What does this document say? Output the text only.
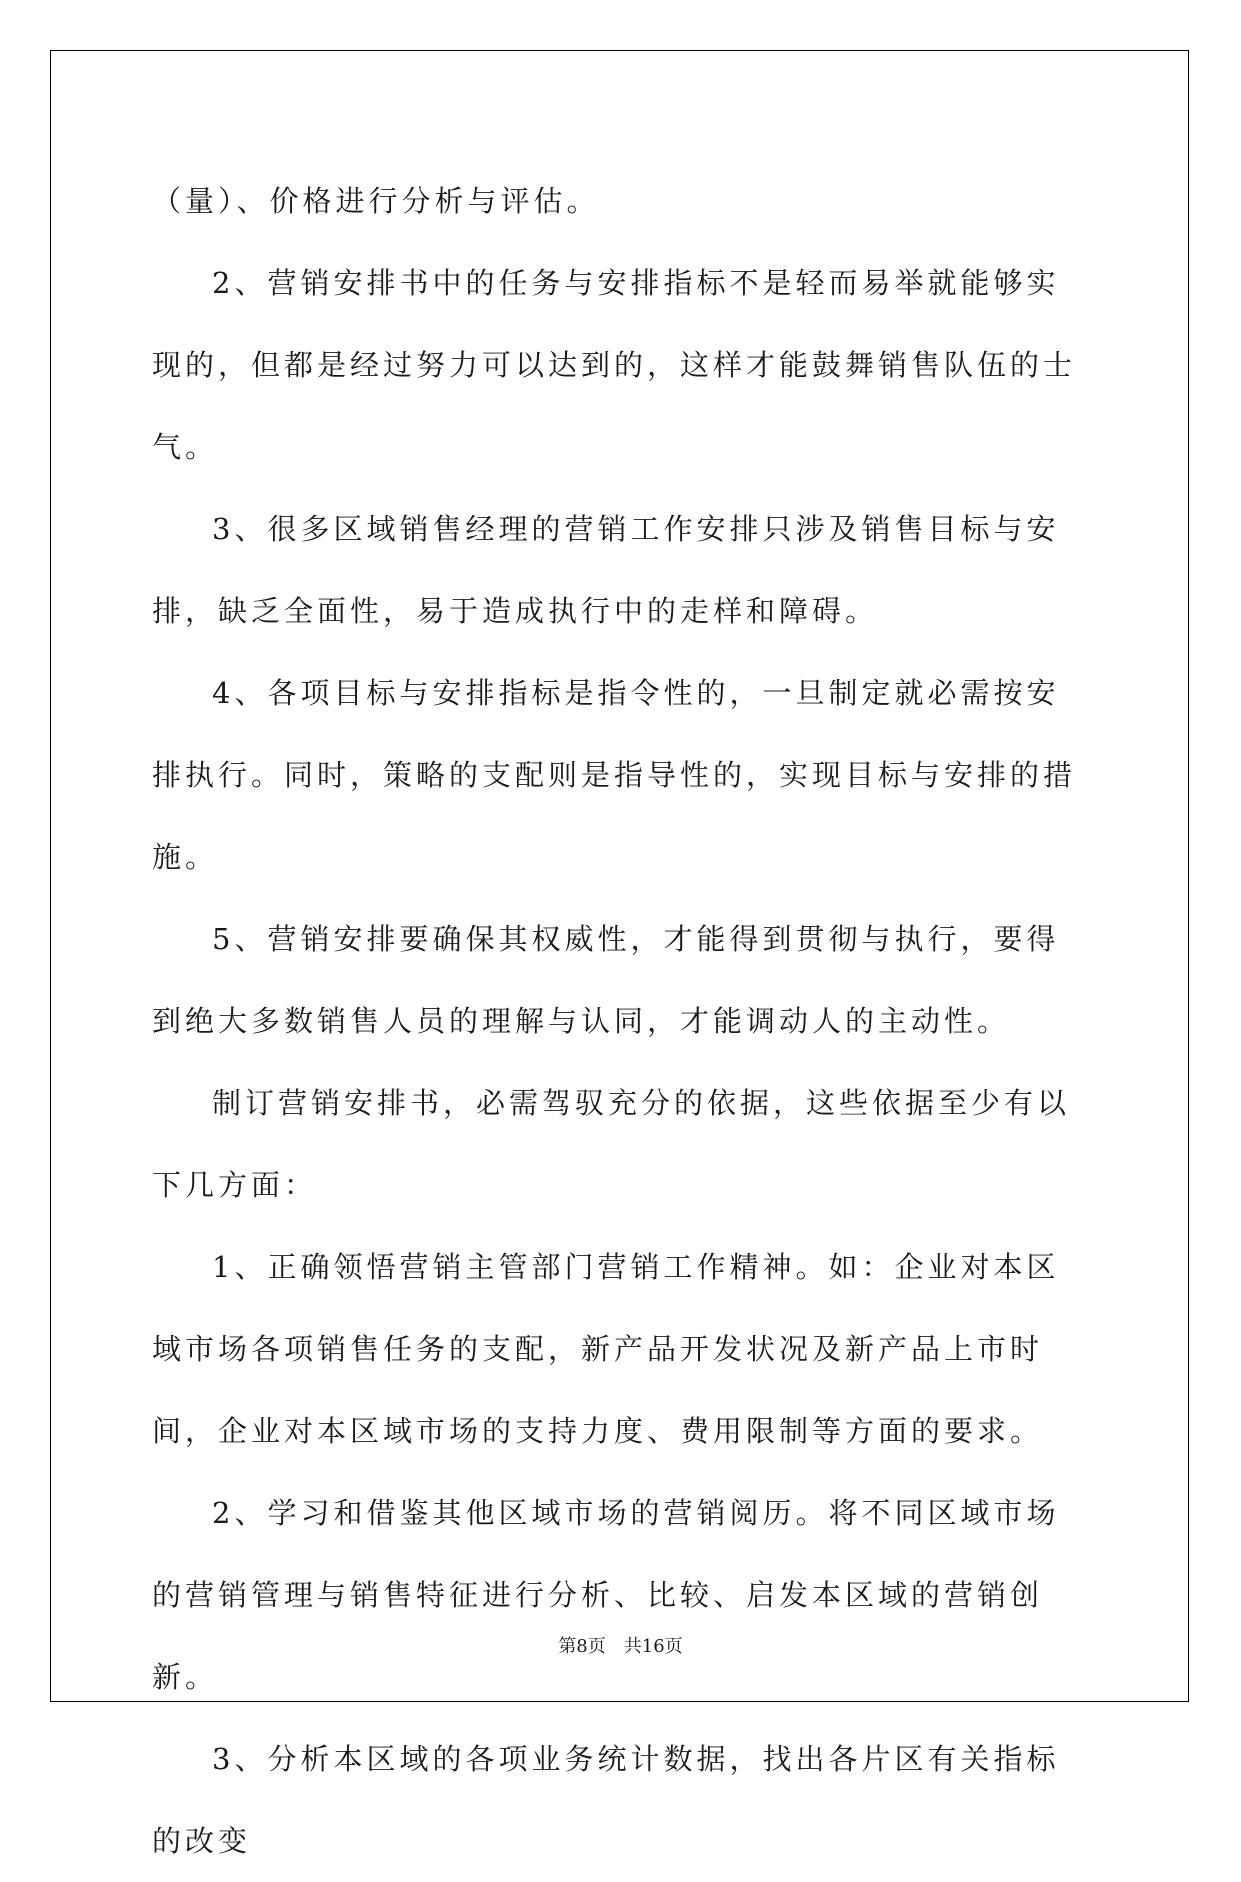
（量）、价格进行分析与评估。

2、营销安排书中的任务与安排指标不是轻而易举就能够实现的，但都是经过努力可以达到的，这样才能鼓舞销售队伍的士气。

3、很多区域销售经理的营销工作安排只涉及销售目标与安排，缺乏全面性，易于造成执行中的走样和障碍。

4、各项目标与安排指标是指令性的，一旦制定就必需按安排执行。同时，策略的支配则是指导性的，实现目标与安排的措施。

5、营销安排要确保其权威性，才能得到贯彻与执行，要得到绝大多数销售人员的理解与认同，才能调动人的主动性。

制订营销安排书，必需驾驭充分的依据，这些依据至少有以下几方面：

1、正确领悟营销主管部门营销工作精神。如：企业对本区域市场各项销售任务的支配，新产品开发状况及新产品上市时间，企业对本区域市场的支持力度、费用限制等方面的要求。

2、学习和借鉴其他区域市场的营销阅历。将不同区域市场的营销管理与销售特征进行分析、比较、启发本区域的营销创新。

3、分析本区域的各项业务统计数据，找出各片区有关指标的改变

第8页 共16页
